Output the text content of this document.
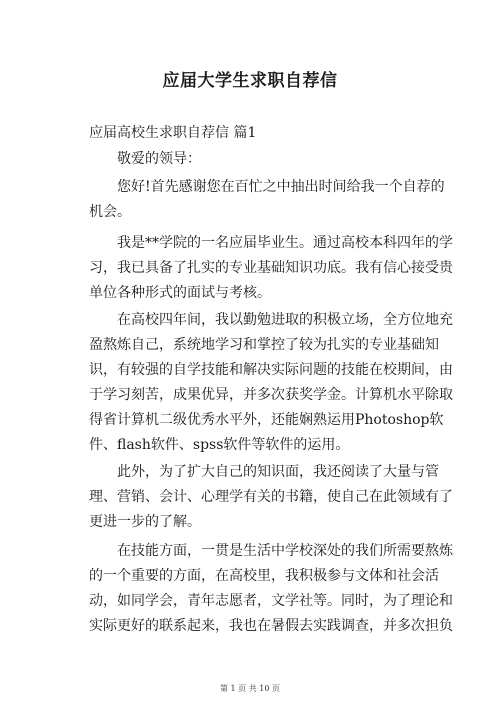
应届大学生求职自荐信
应届高校生求职自荐信 篇1
敬爱的领导：
您好!首先感谢您在百忙之中抽出时间给我一个自荐的
机会。
我是**学院的一名应届毕业生。通过高校本科四年的学
习，我已具备了扎实的专业基础知识功底。我有信心接受贵
单位各种形式的面试与考核。
在高校四年间，我以勤勉进取的积极立场，全方位地充
盈熬炼自己，系统地学习和掌控了较为扎实的专业基础知
识，有较强的自学技能和解决实际问题的技能在校期间，由
于学习刻苦，成果优异，并多次获奖学金。计算机水平除取
得省计算机二级优秀水平外，还能娴熟运用Photoshop软
件、flash软件、spss软件等软件的运用。
此外，为了扩大自己的知识面，我还阅读了大量与管
理、营销、会计、心理学有关的书籍，使自己在此领域有了
更进一步的了解。
在技能方面，一贯是生活中学校深处的我们所需要熬炼
的一个重要的方面，在高校里，我积极参与文体和社会活
动，如同学会，青年志愿者，文学社等。同时，为了理论和
实际更好的联系起来，我也在暑假去实践调查，并多次担负
第 1 页 共 10 页
